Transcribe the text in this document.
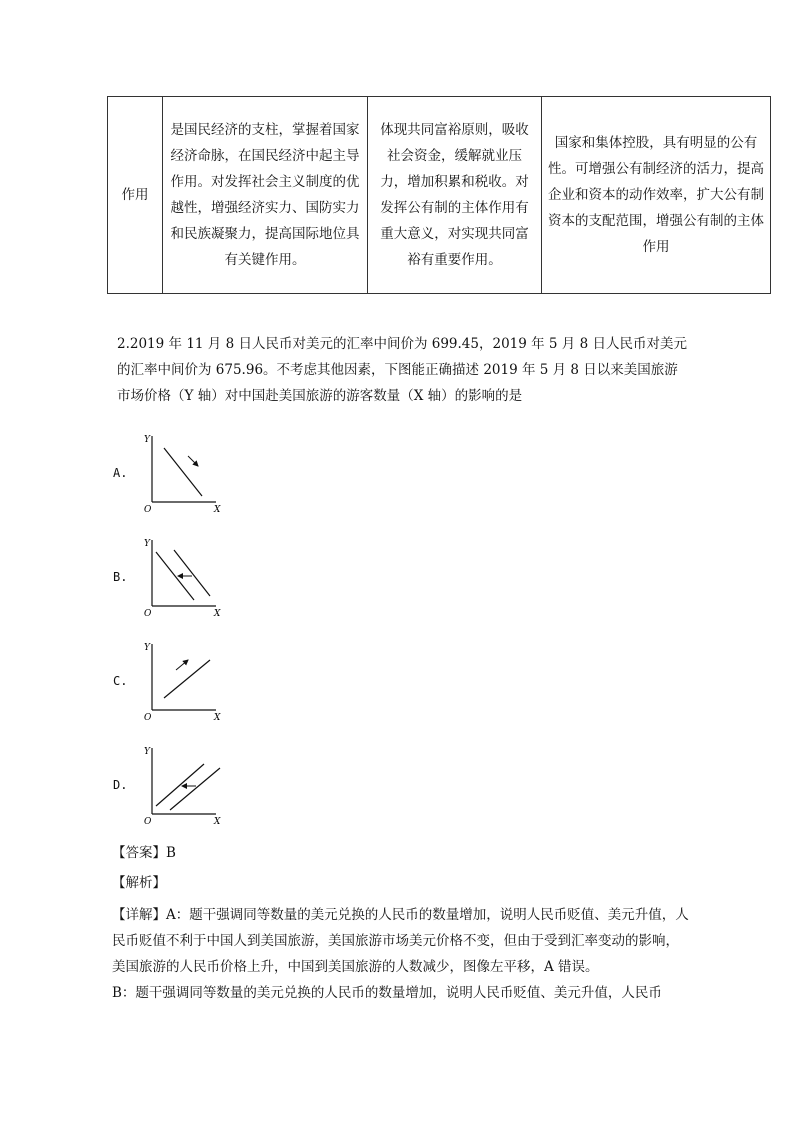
作用	是国民经济的支柱，掌握着国家经济命脉，在国民经济中起主导作用。对发挥社会主义制度的优越性，增强经济实力、国防实力和民族凝聚力，提高国际地位具有关键作用。	体现共同富裕原则，吸收社会资金，缓解就业压力，增加积累和税收。对发挥公有制的主体作用有重大意义，对实现共同富裕有重要作用。	国家和集体控股，具有明显的公有性。可增强公有制经济的活力，提高企业和资本的动作效率，扩大公有制资本的支配范围，增强公有制的主体作用
2.2019 年 11 月 8 日人民币对美元的汇率中间价为 699.45，2019 年 5 月 8 日人民币对美元的汇率中间价为 675.96。不考虑其他因素，下图能正确描述 2019 年 5 月 8 日以来美国旅游市场价格（Y 轴）对中国赴美国旅游的游客数量（X 轴）的影响的是
A.
Y
X
O
B.
Y
X
O
C.
Y
X
O
D.
Y
X
O
【答案】B
【解析】
【详解】A：题干强调同等数量的美元兑换的人民币的数量增加，说明人民币贬值、美元升值，人民币贬值不利于中国人到美国旅游，美国旅游市场美元价格不变，但由于受到汇率变动的影响，美国旅游的人民币价格上升，中国到美国旅游的人数减少，图像左平移，A 错误。
B：题干强调同等数量的美元兑换的人民币的数量增加，说明人民币贬值、美元升值，人民币
